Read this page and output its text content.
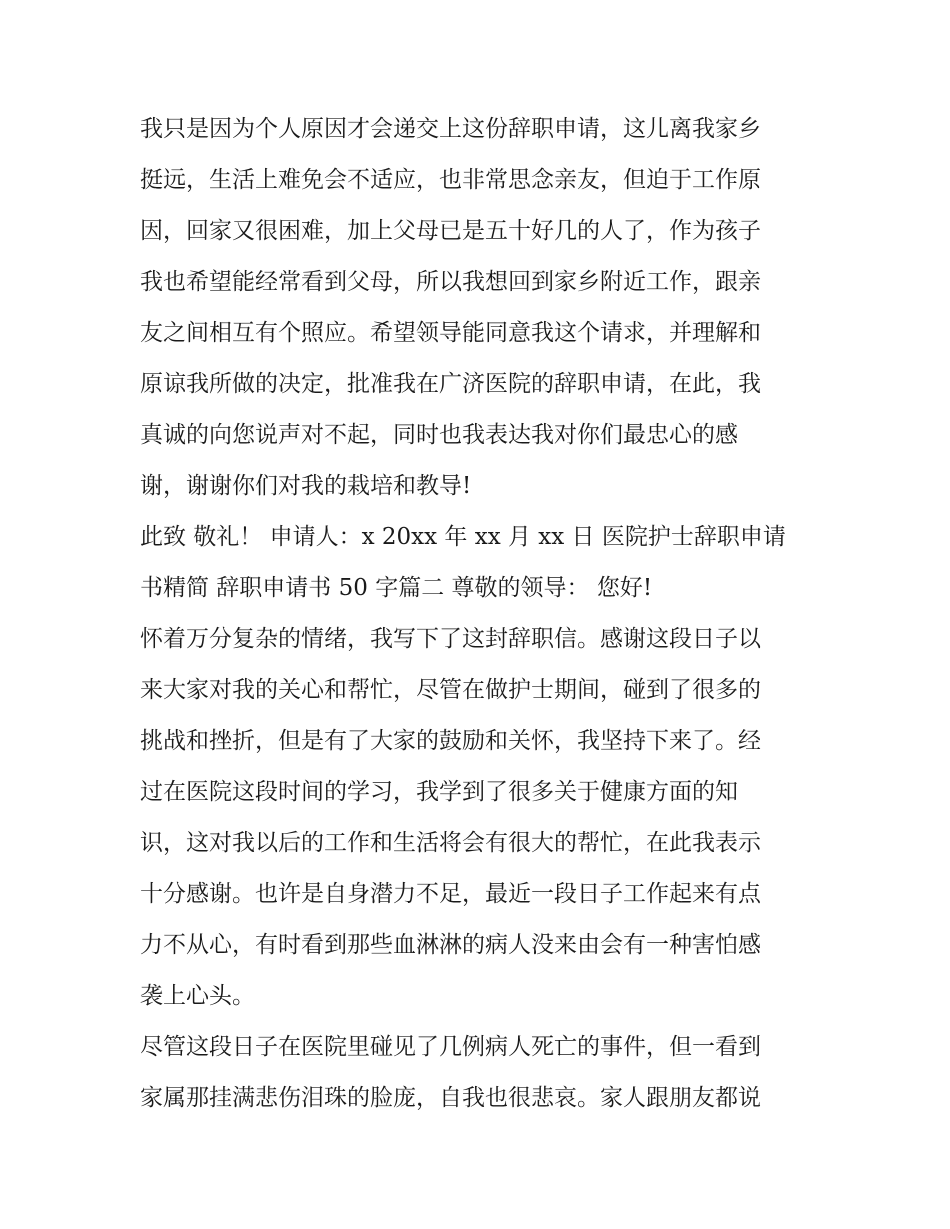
我只是因为个人原因才会递交上这份辞职申请，这儿离我家乡
挺远，生活上难免会不适应，也非常思念亲友，但迫于工作原
因，回家又很困难，加上父母已是五十好几的人了，作为孩子
我也希望能经常看到父母，所以我想回到家乡附近工作，跟亲
友之间相互有个照应。希望领导能同意我这个请求，并理解和
原谅我所做的决定，批准我在广济医院的辞职申请，在此，我
真诚的向您说声对不起，同时也我表达我对你们最忠心的感
谢，谢谢你们对我的栽培和教导!
此致 敬礼！ 申请人：x 20xx 年 xx 月 xx 日 医院护士辞职申请
书精简 辞职申请书 50 字篇二 尊敬的领导： 您好!
怀着万分复杂的情绪，我写下了这封辞职信。感谢这段日子以
来大家对我的关心和帮忙，尽管在做护士期间，碰到了很多的
挑战和挫折，但是有了大家的鼓励和关怀，我坚持下来了。经
过在医院这段时间的学习，我学到了很多关于健康方面的知
识，这对我以后的工作和生活将会有很大的帮忙，在此我表示
十分感谢。也许是自身潜力不足，最近一段日子工作起来有点
力不从心，有时看到那些血淋淋的病人没来由会有一种害怕感
袭上心头。
尽管这段日子在医院里碰见了几例病人死亡的事件，但一看到
家属那挂满悲伤泪珠的脸庞，自我也很悲哀。家人跟朋友都说
